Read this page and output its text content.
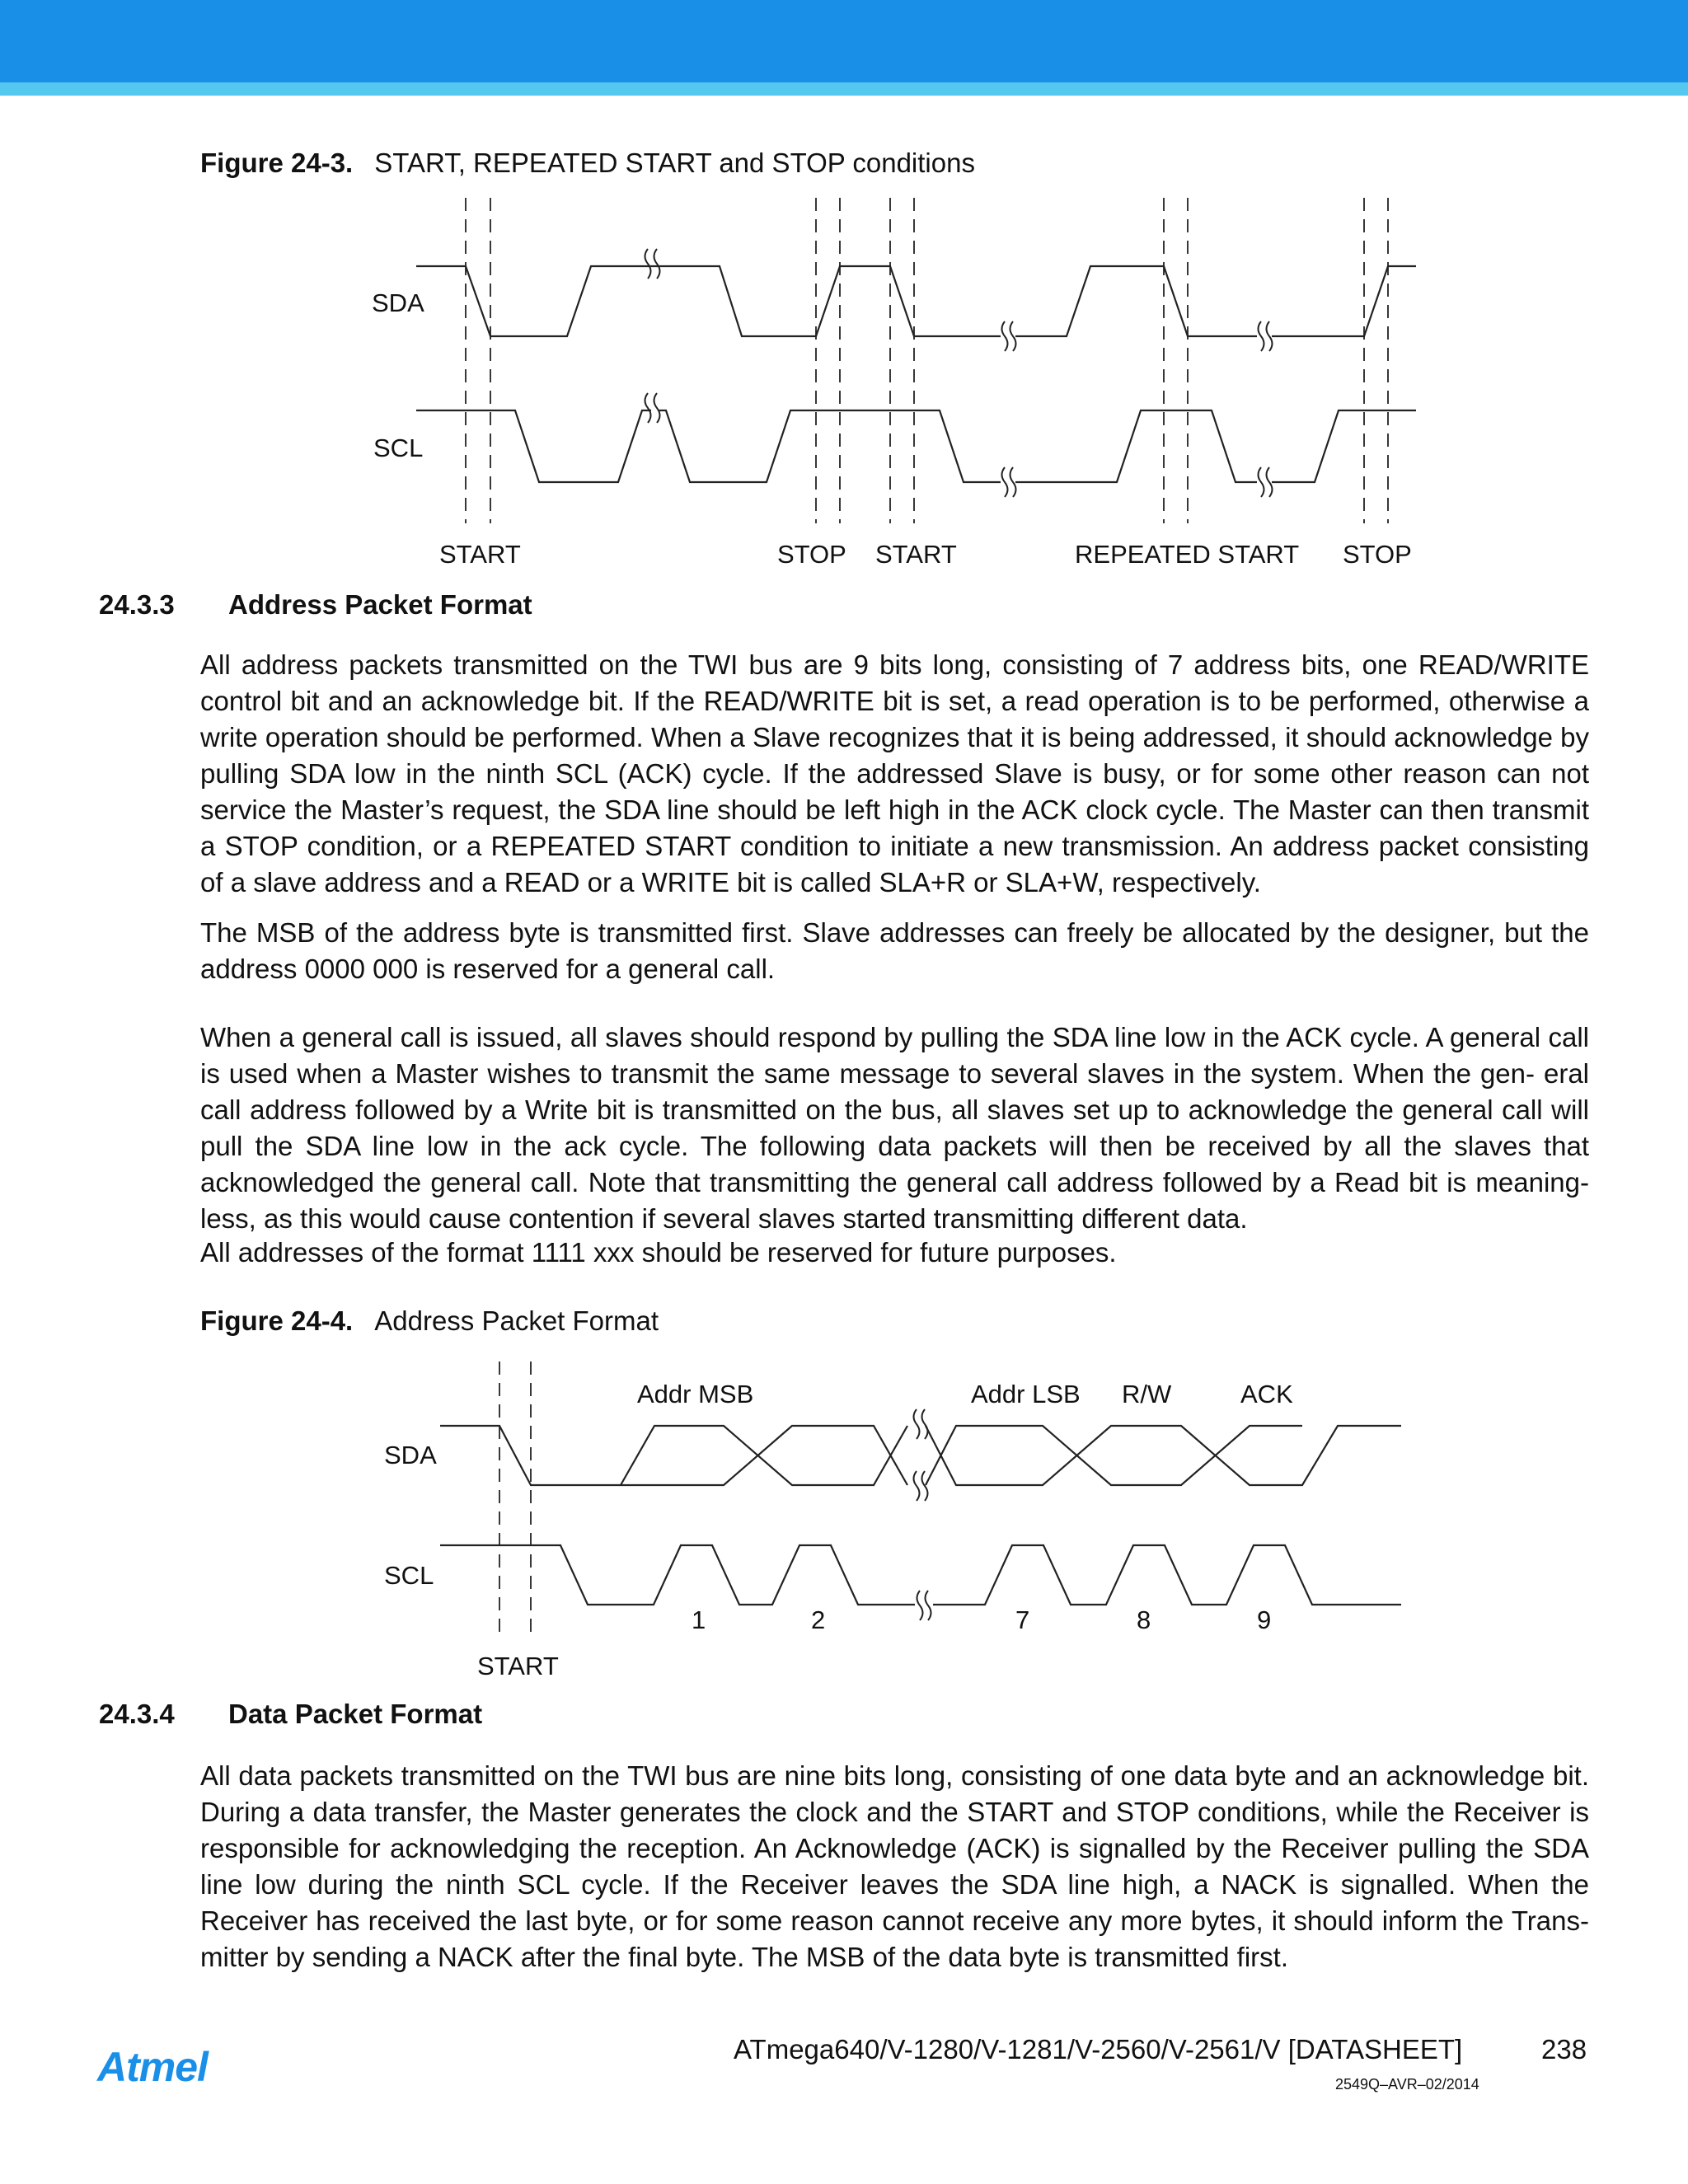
Figure 24-3. START, REPEATED START and STOP conditions
SDA
SCL
START	STOP START	REPEATED START STOP
24.3.3 Address Packet Format

All address packets transmitted on the TWI bus are 9 bits long, consisting of 7 address bits, one READ/WRITE control bit and an acknowledge bit. If the READ/WRITE bit is set, a read operation is to be performed, otherwise a write operation should be performed. When a Slave recognizes that it is being addressed, it should acknowledge by pulling SDA low in the ninth SCL (ACK) cycle. If the addressed Slave is busy, or for some other reason can not service the Master’s request, the SDA line should be left high in the ACK clock cycle. The Master can then transmit a STOP condition, or a REPEATED START condition to initiate a new transmission. An address packet consisting of a slave address and a READ or a WRITE bit is called SLA+R or SLA+W, respectively.

The MSB of the address byte is transmitted first. Slave addresses can freely be allocated by the designer, but the address 0000 000 is reserved for a general call.

When a general call is issued, all slaves should respond by pulling the SDA line low in the ACK cycle. A general call is used when a Master wishes to transmit the same message to several slaves in the system. When the gen- eral call address followed by a Write bit is transmitted on the bus, all slaves set up to acknowledge the general call will pull the SDA line low in the ack cycle. The following data packets will then be received by all the slaves that acknowledged the general call. Note that transmitting the general call address followed by a Read bit is meaning- less, as this would cause contention if several slaves started transmitting different data.

All addresses of the format 1111 xxx should be reserved for future purposes.

Figure 24-4. Address Packet Format
SDA
SCL
Addr MSB	Addr LSB R/W	ACK
1	2	7	8	9
START
24.3.4 Data Packet Format

All data packets transmitted on the TWI bus are nine bits long, consisting of one data byte and an acknowledge bit. During a data transfer, the Master generates the clock and the START and STOP conditions, while the Receiver is responsible for acknowledging the reception. An Acknowledge (ACK) is signalled by the Receiver pulling the SDA line low during the ninth SCL cycle. If the Receiver leaves the SDA line high, a NACK is signalled. When the Receiver has received the last byte, or for some reason cannot receive any more bytes, it should inform the Trans- mitter by sending a NACK after the final byte. The MSB of the data byte is transmitted first.

Atmel	ATmega640/V-1280/V-1281/V-2560/V-2561/V [DATASHEET]	238
2549Q–AVR–02/2014
